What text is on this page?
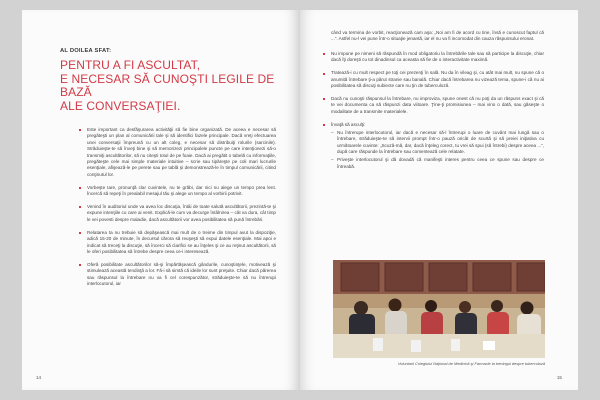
AL DOILEA SFAT:
PENTRU A FI ASCULTAT,
E NECESAR SĂ CUNOŞTI LEGILE DE BAZĂ
ALE CONVERSAŢIEI.
Este important ca desfăşurarea activităţii să fie bine organizată. De aceea e necesar să pregăteşti un plan al comunicării tale şi să identifici fazele principale. Dacă vreţi efectuarea unei conversaţii împreună cu un alt coleg, e necesar să distribuiţi rolurile (sarcinile). Străduieşte-te să înveţi bine şi să memorizezi principalele puncte pe care intenţionezi să-o transmiţi ascultătorilor, să nu citeşti totul de pe foaie. Dacă ai pregătit o tabelă cu informaţiile, pregăteşte cele mai simple materiale intuitive – scrie sau tipăreşte pe coli mari lucrurile esenţiale, afişează-le pe perete sau pe tablă şi demonstrează-le în timpul comunicării, citind conţinutul lor.
Vorbeşte tare, pronunţă clar cuvintele, nu te grăbi, dar nici nu alege un tempo prea lent. Încercă să repeţi în prealabil mesajul tău şi alege un tempo al vorbirii potrivit.
Venind în auditoriul unde va avea loc discuţia, întâi de toate salută ascultătorii, prezintă-te şi expune intenţiile cu care ai venit. Explică-le cum va decurge întâlnirea – cât va dura, cât timp le vei povesti despre maladie, dacă ascultătorii vor avea posibilitatea să pună întrebări.
Relatarea ta nu trebuie să depăşească mai mult de o treime din timpul avut la dispoziţie, adică 15-20 de minute, în decursul cărora să reuşeşti să expui datele esenţiale. Mai apoi e indicat să treceţi la discuţie, să încerci să clarifici se au înţeles şi ce au reţinut ascultătorii, să le oferi posibilitatea să întrebe despre ceea ce-i interesează.
Oferă posibilitate ascultătorilor să-şi împărtăşească gândurile, cunoştinţele, motivează şi stimulează această tendinţă a lor. Fă-i să simtă că ideile lor sunt preţuite. Chiar dacă părerea sau răspunsul la întrebare nu va fi cel corespunzător, străduieşte-te să nu întrerupi interlocutorul, iar
14

când va termina de vorbit, reacţionează cam aşa: „Noi am fi de acord cu tine, însă e cunoscut faptul că ...”. Astfel nu-l vei pune într-o situaţie jenantă, iar el nu va fi incomodat din cauza răspunsului eronat.

Nu impune pe nimeni să răspundă în mod obligatoriu la întrebările tale sau să participe la discuţie, chiar dacă îţi doreşti cu tot dinadinsul ca aceasta să fie de o interactivitate maximă.
Tratează-i cu mult respect pe toţi cei prezenţi în sală. Nu da în vileag şi, cu atât mai mult, nu spune că o anumită întrebare ţi-a părut stranie sau banală. Chiar dacă întrebarea nu vizează tema, spune-i că nu ai posibilitatea să discuţi subiecte care nu ţin de tuberculoză.
Dacă nu cunoşti răspunsul la întrebare, nu improviza, spune onest că nu poţi da un răspuns exact şi că te vei documenta ca să răspunzi data viitoare. Ţine-ţi promisiunea – mai vino o dată, sau găseşte o modalitate de a transmite materialele.
Învaţă să asculţi:
– Nu întrerupe interlocutorul, iar dacă e necesar să-l întrerupi o luare de cuvânt mai lungă sau o întrebare, străduieşte-te să intervii prompt într-o pauză oricât de scurtă şi să preiei iniţiativa cu următoarele cuvinte: „Scuză-mă, dar, dacă înţeleg corect, tu vrei să spui (să întrebi) despre aceea ...”, după care răspunde la întrebare sau comentează cele relatate.
– Priveşte interlocutorul şi dă dovadă că manifeşti interes pentru ceea ce spune sau despre ce întreabă.
Voluntarii Colegiului Naţional de Medicină şi Farmacie la treningul despre tuberculoză
15
